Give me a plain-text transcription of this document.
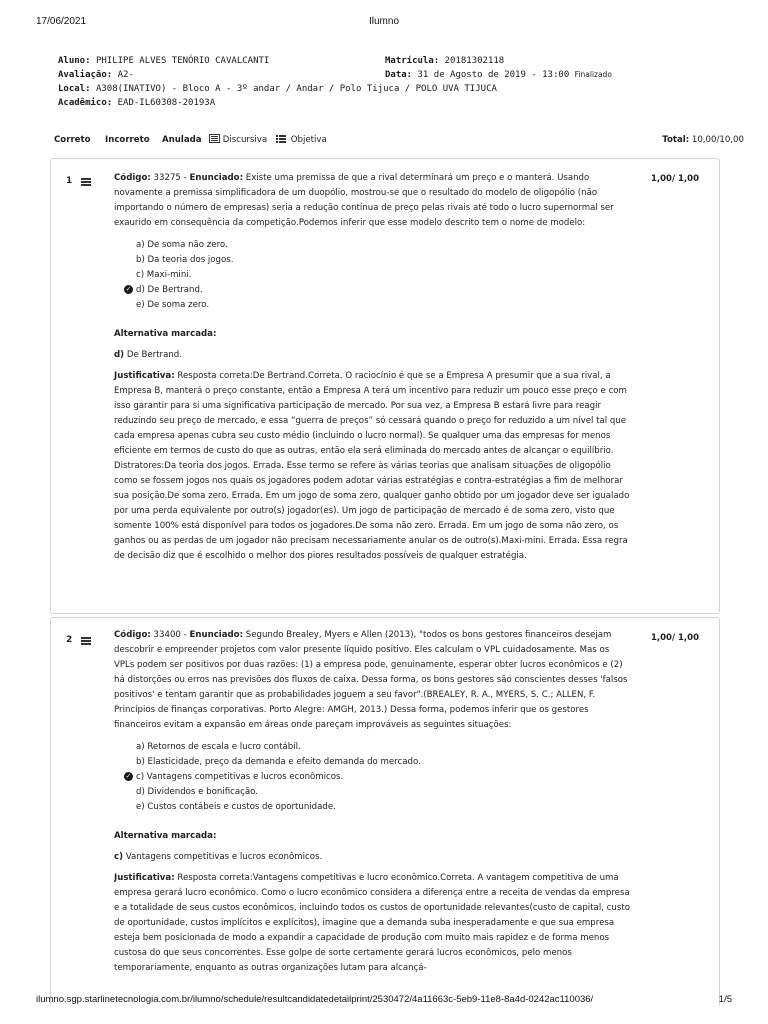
17/06/2021	Ilumno
Aluno: PHILIPE ALVES TENÓRIO CAVALCANTI	Matrícula: 20181302118
Avaliação: A2-	Data: 31 de Agosto de 2019 - 13:00 Finalizado
Local: A308(INATIVO) - Bloco A - 3º andar / Andar / Polo Tijuca / POLO UVA TIJUCA
Acadêmico: EAD-IL60308-20193A
Correto Incorreto Anulada	Discursiva	Objetiva	Total: 10,00/10,00
1	1,00/ 1,00

Código: 33275 - Enunciado: Existe uma premissa de que a rival determinará um preço e o manterá. Usando novamente a premissa simplificadora de um duopólio, mostrou-se que o resultado do modelo de oligopólio (não importando o número de empresas) seria a redução contínua de preço pelas rivais até todo o lucro supernormal ser exaurido em consequência da competição.Podemos inferir que esse modelo descrito tem o nome de modelo:

a) De soma não zero.
b) Da teoria dos jogos.
c) Maxi-mini.
✓ d) De Bertrand.
e) De soma zero.

Alternativa marcada:

d) De Bertrand.

Justificativa: Resposta correta:De Bertrand.Correta. O raciocínio é que se a Empresa A presumir que a sua rival, a Empresa B, manterá o preço constante, então a Empresa A terá um incentivo para reduzir um pouco esse preço e com isso garantir para si uma significativa participação de mercado. Por sua vez, a Empresa B estará livre para reagir reduzindo seu preço de mercado, e essa “guerra de preços” só cessará quando o preço for reduzido a um nível tal que cada empresa apenas cubra seu custo médio (incluindo o lucro normal). Se qualquer uma das empresas for menos eficiente em termos de custo do que as outras, então ela será eliminada do mercado antes de alcançar o equilíbrio. Distratores:Da teoria dos jogos. Errada. Esse termo se refere às várias teorias que analisam situações de oligopólio como se fossem jogos nos quais os jogadores podem adotar várias estratégias e contra-estratégias a fim de melhorar sua posição.De soma zero. Errada. Em um jogo de soma zero, qualquer ganho obtido por um jogador deve ser igualado por uma perda equivalente por outro(s) jogador(es). Um jogo de participação de mercado é de soma zero, visto que somente 100% está disponível para todos os jogadores.De soma não zero. Errada. Em um jogo de soma não zero, os ganhos ou as perdas de um jogador não precisam necessariamente anular os de outro(s).Maxi-mini. Errada. Essa regra de decisão diz que é escolhido o melhor dos piores resultados possíveis de qualquer estratégia.

2	1,00/ 1,00

Código: 33400 - Enunciado: Segundo Brealey, Myers e Allen (2013), "todos os bons gestores financeiros desejam descobrir e empreender projetos com valor presente líquido positivo. Eles calculam o VPL cuidadosamente. Mas os VPLs podem ser positivos por duas razões: (1) a empresa pode, genuinamente, esperar obter lucros econômicos e (2) há distorções ou erros nas previsões dos fluxos de caixa. Dessa forma, os bons gestores são conscientes desses 'falsos positivos' e tentam garantir que as probabilidades joguem a seu favor".(BREALEY, R. A., MYERS, S. C.; ALLEN, F. Princípios de finanças corporativas. Porto Alegre: AMGH, 2013.) Dessa forma, podemos inferir que os gestores financeiros evitam a expansão em áreas onde pareçam improváveis as seguintes situações:

a) Retornos de escala e lucro contábil.
b) Elasticidade, preço da demanda e efeito demanda do mercado.
✓ c) Vantagens competitivas e lucros econômicos.
d) Dividendos e bonificação.
e) Custos contábeis e custos de oportunidade.

Alternativa marcada:

c) Vantagens competitivas e lucros econômicos.

Justificativa: Resposta correta:Vantagens competitivas e lucro econômico.Correta. A vantagem competitiva de uma empresa gerará lucro econômico. Como o lucro econômico considera a diferença entre a receita de vendas da empresa e a totalidade de seus custos econômicos, incluindo todos os custos de oportunidade relevantes(custo de capital, custo de oportunidade, custos implícitos e explícitos), imagine que a demanda suba inesperadamente e que sua empresa esteja bem posicionada de modo a expandir a capacidade de produção com muito mais rapidez e de forma menos custosa do que seus concorrentes. Esse golpe de sorte certamente gerará lucros econômicos, pelo menos temporariamente, enquanto as outras organizações lutam para alcançá-

ilumno.sgp.starlinetecnologia.com.br/ilumno/schedule/resultcandidatedetailprint/2530472/4a11663c-5eb9-11e8-8a4d-0242ac110036/	1/5
